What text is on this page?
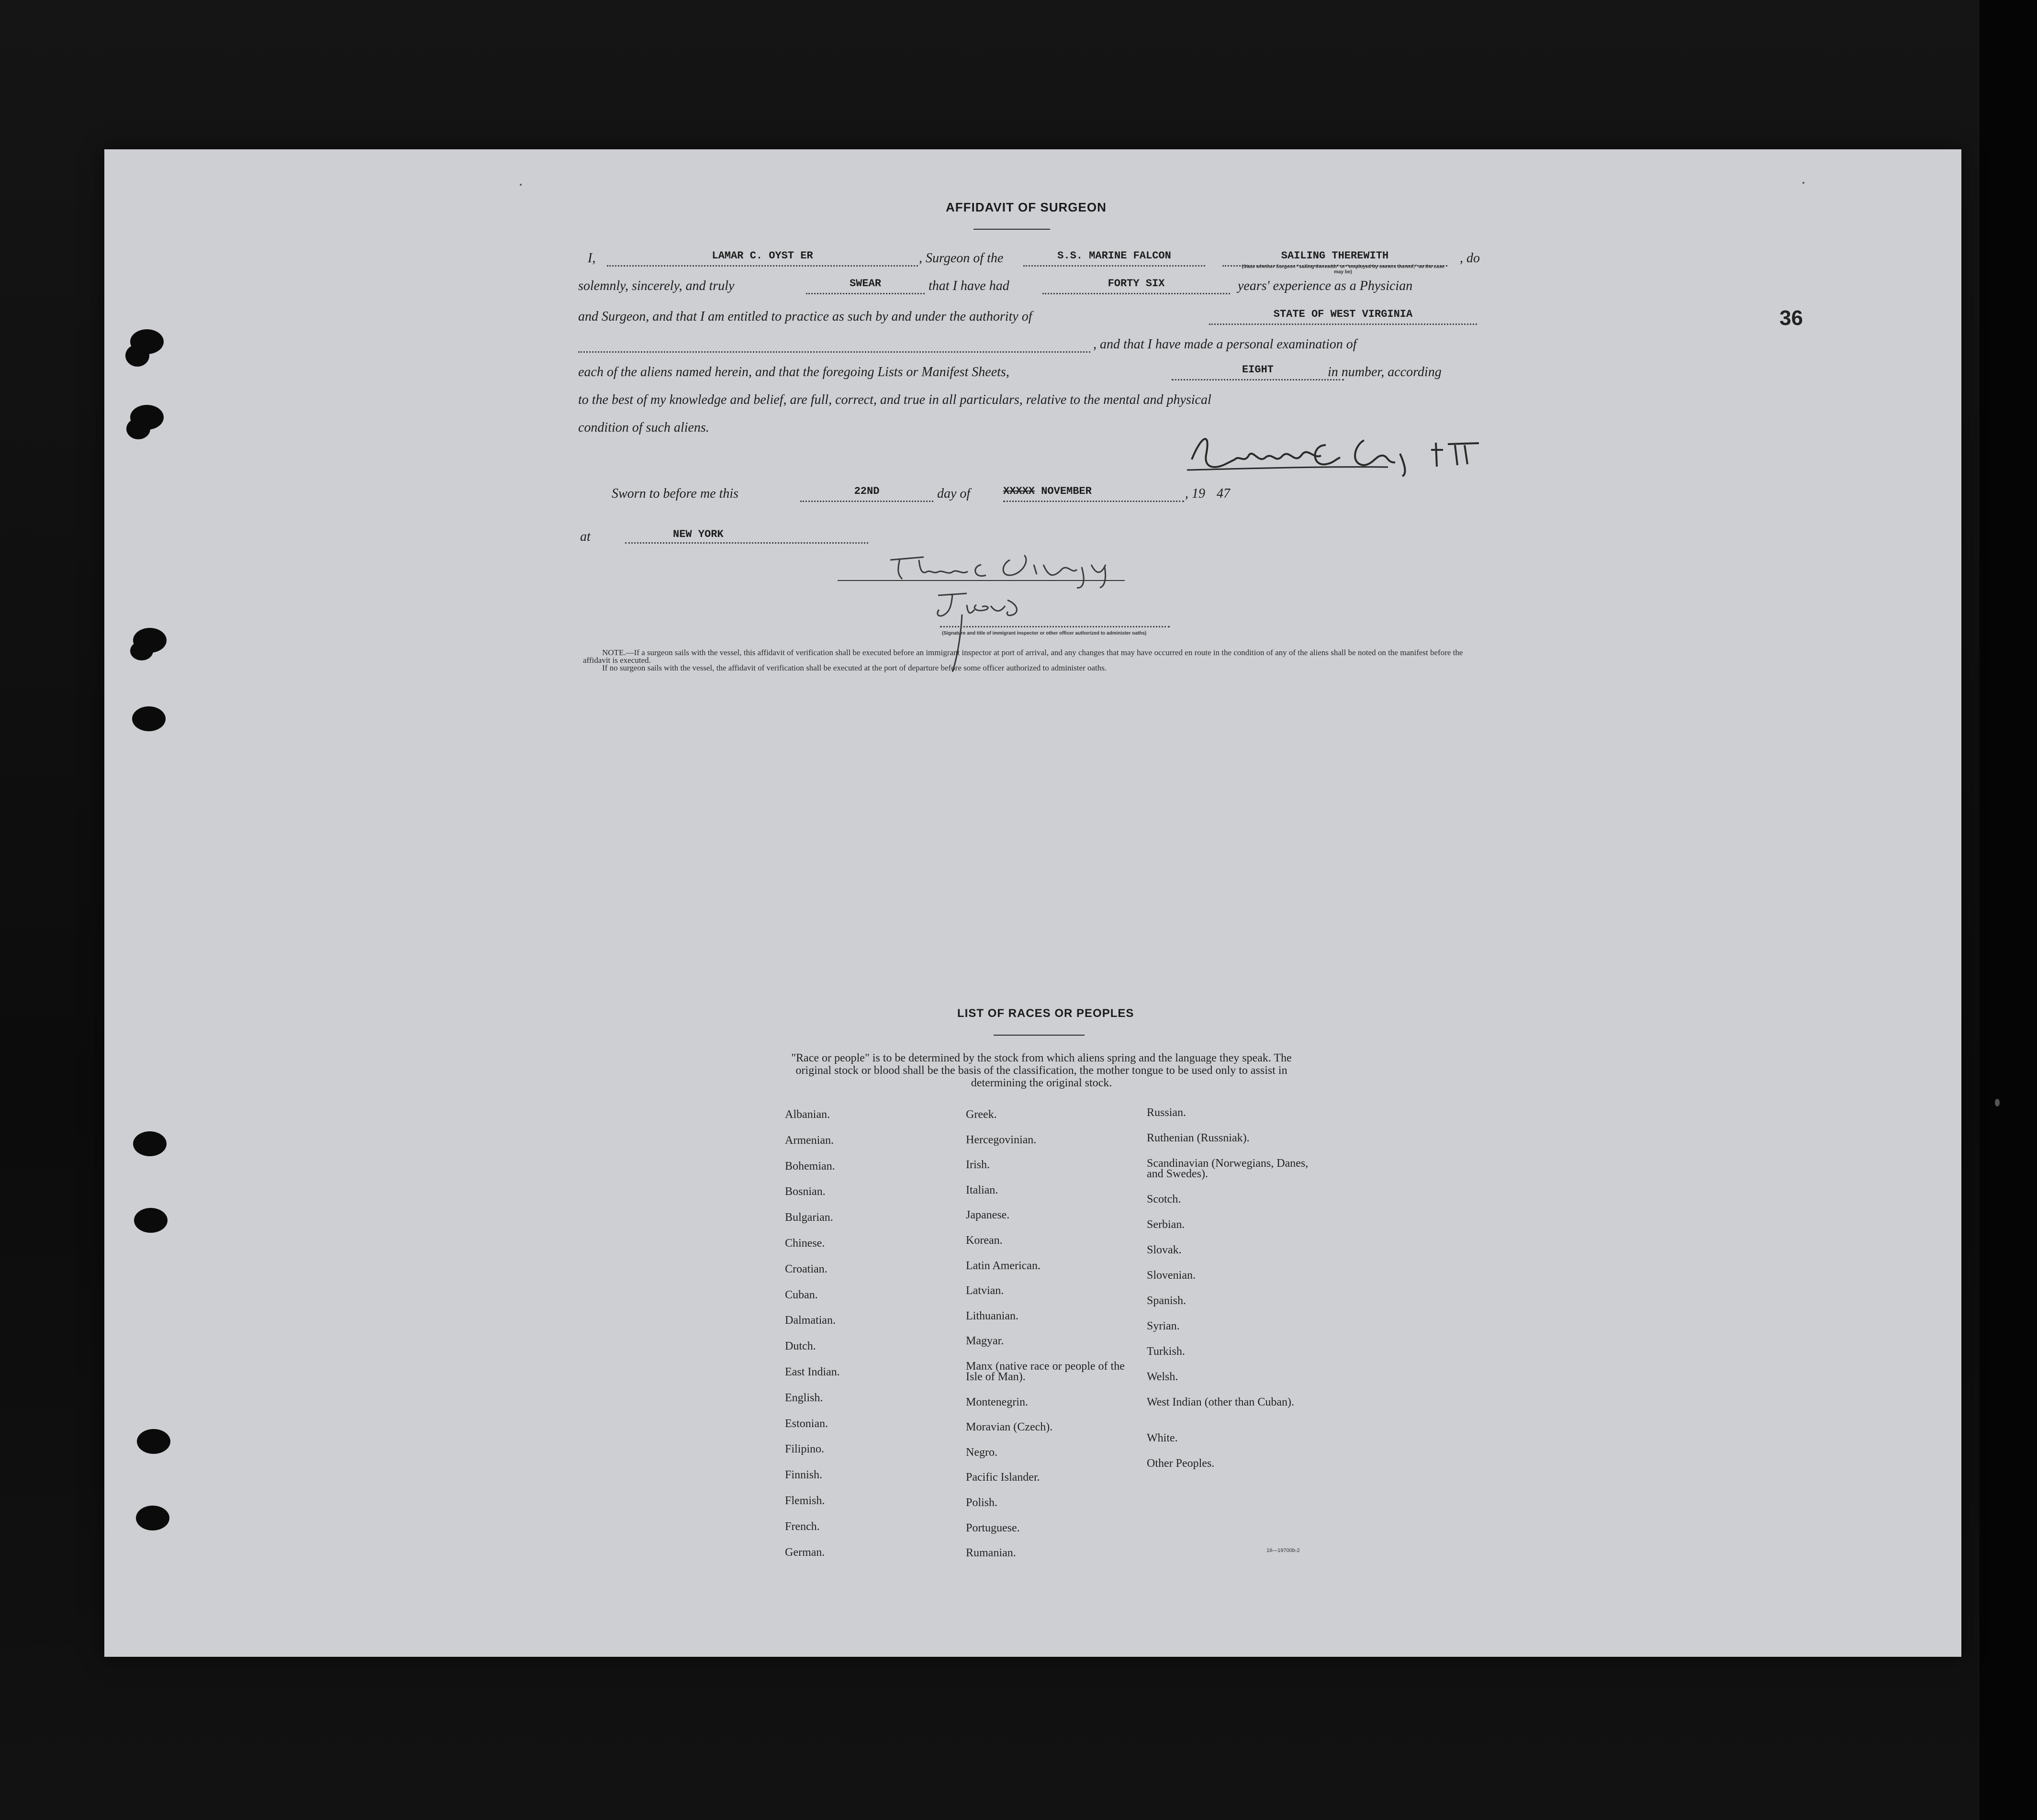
36
AFFIDAVIT OF SURGEON
I,	LAMAR C. OYST ER	, Surgeon of the	S.S. MARINE FALCON	SAILING THEREWITH	, do
(State whether Surgeon "sailing therewith" or "employed by owners thereof," as the case may be)
solemnly, sincerely, and truly	SWEAR	that I have had	FORTY SIX	years' experience as a Physician
and Surgeon, and that I am entitled to practice as such by and under the authority of	STATE OF WEST VIRGINIA
, and that I have made a personal examination of
each of the aliens named herein, and that the foregoing Lists or Manifest Sheets,	EIGHT	in number, according
to the best of my knowledge and belief, are full, correct, and true in all particulars, relative to the mental and physical
condition of such aliens.
Sworn to before me this	22ND	day of	XXXXX NOVEMBER	, 19 47
at	NEW YORK
(Signature and title of immigrant inspector or other officer authorized to administer oaths)

NOTE.—If a surgeon sails with the vessel, this affidavit of verification shall be executed before an immigrant inspector at port of arrival, and any changes that may have occurred en route in the condition of any of the aliens shall be noted on the manifest before the affidavit is executed.

If no surgeon sails with the vessel, the affidavit of verification shall be executed at the port of departure before some officer authorized to administer oaths.

LIST OF RACES OR PEOPLES
"Race or people" is to be determined by the stock from which aliens spring and the language they speak. The original stock or blood shall be the basis of the classification, the mother tongue to be used only to assist in determining the original stock.
Albanian.
Armenian.
Bohemian.
Bosnian.
Bulgarian.
Chinese.
Croatian.
Cuban.
Dalmatian.
Dutch.
East Indian.
English.
Estonian.
Filipino.
Finnish.
Flemish.
French.
German.
Greek.
Hercegovinian.
Irish.
Italian.
Japanese.
Korean.
Latin American.
Latvian.
Lithuanian.
Magyar.
Manx (native race or people of the Isle of Man).
Montenegrin.
Moravian (Czech).
Negro.
Pacific Islander.
Polish.
Portuguese.
Rumanian.
Russian.
Ruthenian (Russniak).
Scandinavian (Norwegians, Danes, and Swedes).
Scotch.
Serbian.
Slovak.
Slovenian.
Spanish.
Syrian.
Turkish.
Welsh.
West Indian (other than Cuban).
White.
Other Peoples.
16—19700b-2
